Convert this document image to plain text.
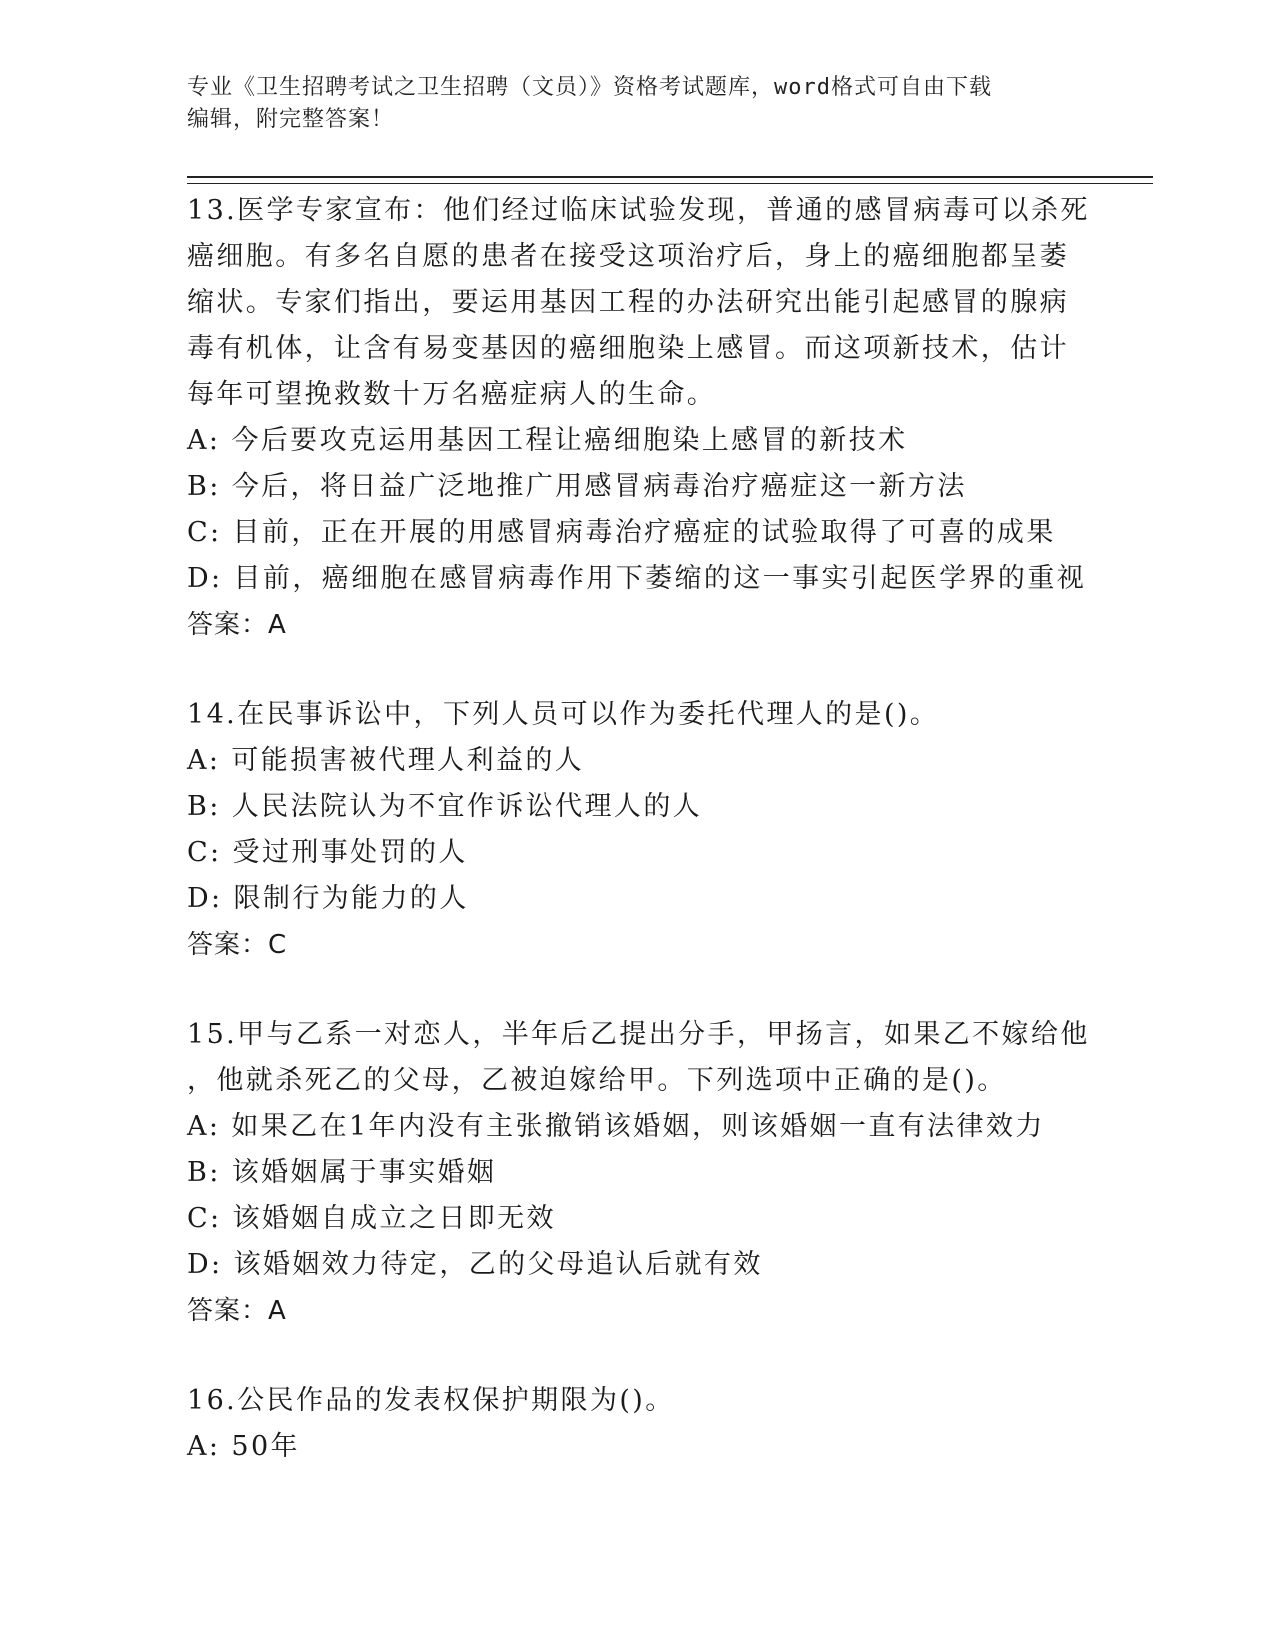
专业《卫生招聘考试之卫生招聘（文员）》资格考试题库，word格式可自由下载
编辑，附完整答案！
13.医学专家宣布：他们经过临床试验发现，普通的感冒病毒可以杀死
癌细胞。有多名自愿的患者在接受这项治疗后，身上的癌细胞都呈萎
缩状。专家们指出，要运用基因工程的办法研究出能引起感冒的腺病
毒有机体，让含有易变基因的癌细胞染上感冒。而这项新技术，估计
每年可望挽救数十万名癌症病人的生命。
A: 今后要攻克运用基因工程让癌细胞染上感冒的新技术
B: 今后，将日益广泛地推广用感冒病毒治疗癌症这一新方法
C: 目前，正在开展的用感冒病毒治疗癌症的试验取得了可喜的成果
D: 目前，癌细胞在感冒病毒作用下萎缩的这一事实引起医学界的重视
答案：A
14.在民事诉讼中，下列人员可以作为委托代理人的是()。
A: 可能损害被代理人利益的人
B: 人民法院认为不宜作诉讼代理人的人
C: 受过刑事处罚的人
D: 限制行为能力的人
答案：C
15.甲与乙系一对恋人，半年后乙提出分手，甲扬言，如果乙不嫁给他
，他就杀死乙的父母，乙被迫嫁给甲。下列选项中正确的是()。
A: 如果乙在1年内没有主张撤销该婚姻，则该婚姻一直有法律效力
B: 该婚姻属于事实婚姻
C: 该婚姻自成立之日即无效
D: 该婚姻效力待定，乙的父母追认后就有效
答案：A
16.公民作品的发表权保护期限为()。
A: 50年
